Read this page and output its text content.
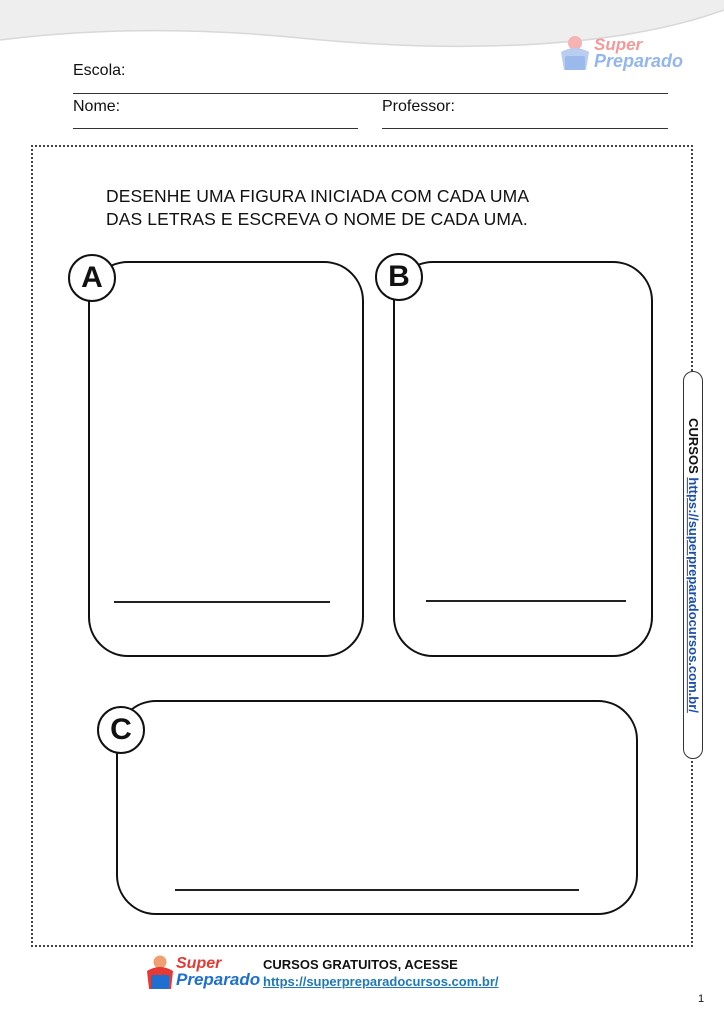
Super
Preparado
Escola:
Nome:	Professor:
DESENHE UMA FIGURA INICIADA COM CADA UMA
DAS LETRAS E ESCREVA O NOME DE CADA UMA.
A	B
C
CURSOS https://superpreparadocursos.com.br/
Super
Preparado
CURSOS GRATUITOS, ACESSE
https://superpreparadocursos.com.br/
1
